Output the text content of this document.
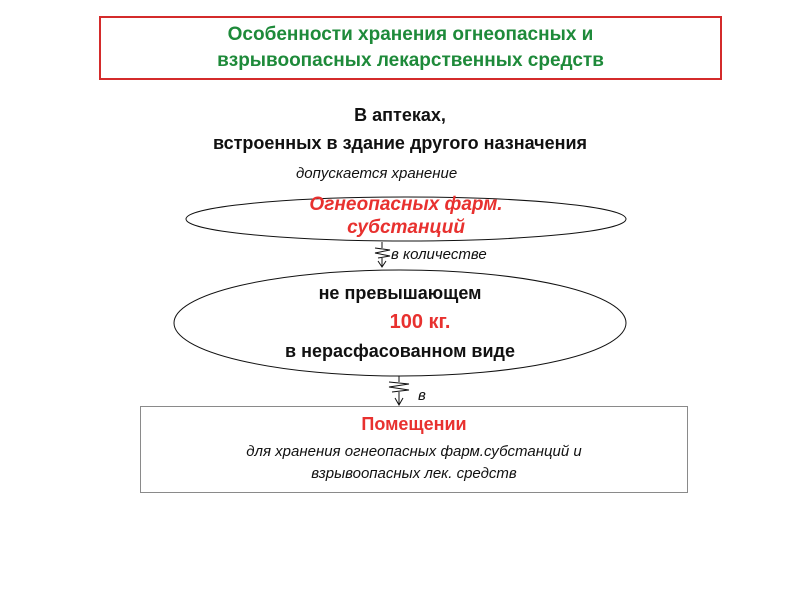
Особенности хранения огнеопасных и
взрывоопасных лекарственных средств
В аптеках,
встроенных в здание другого назначения
допускается хранение
Огнеопасных фарм.
субстанций
в количестве
не превышающем
100 кг.
в нерасфасованном виде
в
Помещении
для хранения огнеопасных фарм.субстанций и
взрывоопасных лек. средств
